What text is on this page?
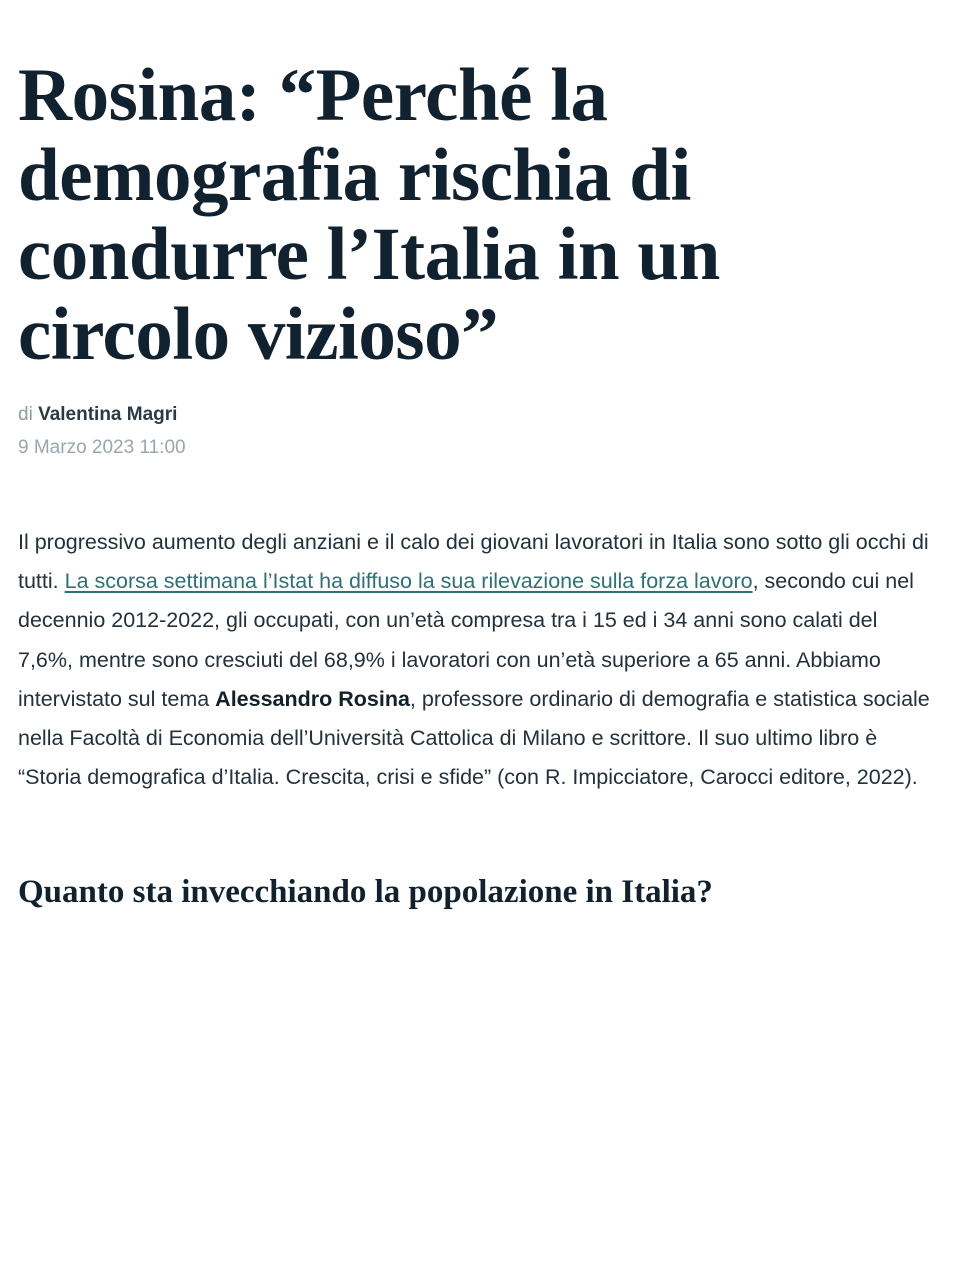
Rosina: “Perché la demografia rischia di condurre l’Italia in un circolo vizioso”

di Valentina Magri

9 Marzo 2023 11:00

Il progressivo aumento degli anziani e il calo dei giovani lavoratori in Italia sono sotto gli occhi di tutti. La scorsa settimana l’Istat ha diffuso la sua rilevazione sulla forza lavoro, secondo cui nel decennio 2012-2022, gli occupati, con un’età compresa tra i 15 ed i 34 anni sono calati del 7,6%, mentre sono cresciuti del 68,9% i lavoratori con un’età superiore a 65 anni. Abbiamo intervistato sul tema Alessandro Rosina, professore ordinario di demografia e statistica sociale nella Facoltà di Economia dell’Università Cattolica di Milano e scrittore. Il suo ultimo libro è “Storia demografica d’Italia. Crescita, crisi e sfide” (con R. Impicciatore, Carocci editore, 2022).
Quanto sta invecchiando la popolazione in Italia?
